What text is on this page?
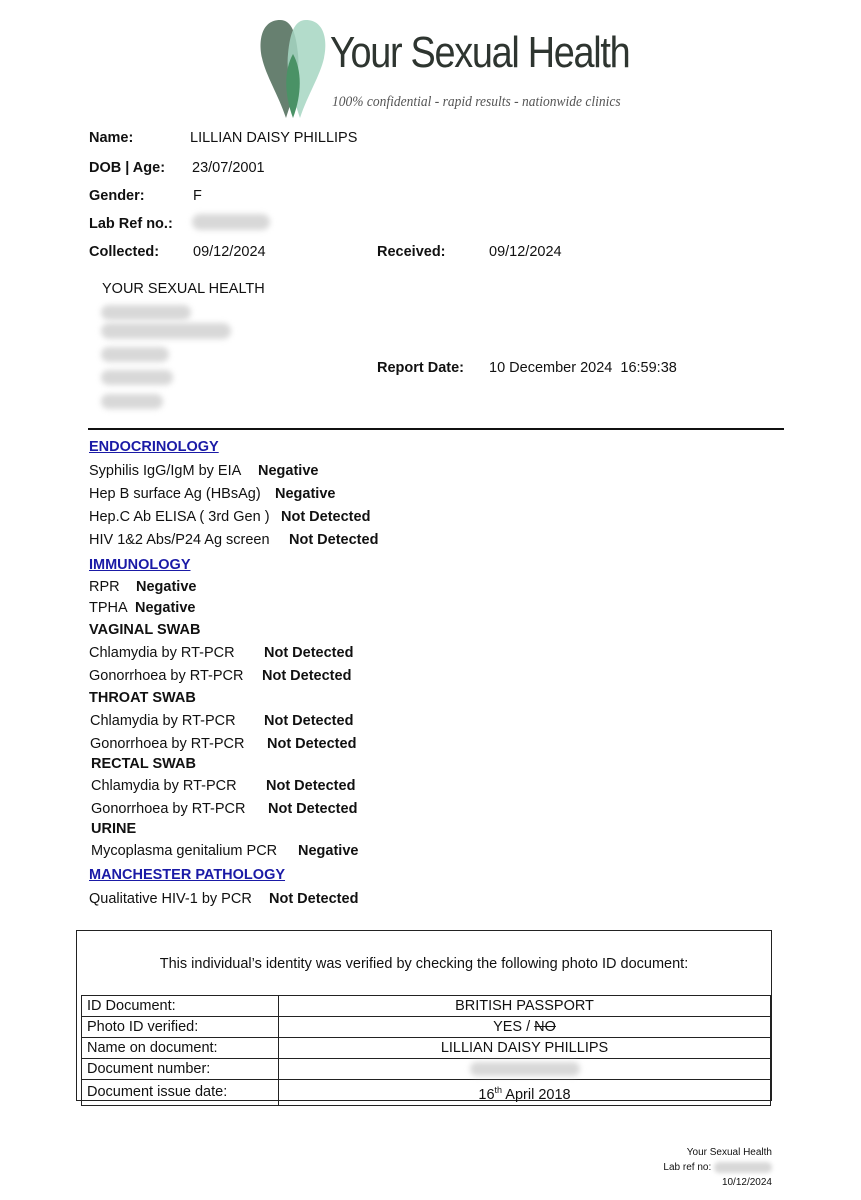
Your Sexual Health
100% confidential - rapid results - nationwide clinics
Name:	LILLIAN DAISY PHILLIPS
DOB | Age: 23/07/2001
Gender:	F
Lab Ref no.:
Collected: 09/12/2024	Received:	09/12/2024
YOUR SEXUAL HEALTH
Report Date: 10 December 2024  16:59:38
ENDOCRINOLOGY
Syphilis IgG/IgM by EIA Negative
Hep B surface Ag (HBsAg) Negative
Hep.C Ab ELISA ( 3rd Gen ) Not Detected
HIV 1&2 Abs/P24 Ag screen Not Detected
IMMUNOLOGY
RPR Negative
TPHA Negative
VAGINAL SWAB
Chlamydia by RT-PCR Not Detected
Gonorrhoea by RT-PCR Not Detected
THROAT SWAB
Chlamydia by RT-PCR Not Detected
Gonorrhoea by RT-PCR Not Detected
RECTAL SWAB
Chlamydia by RT-PCR Not Detected
Gonorrhoea by RT-PCR Not Detected
URINE
Mycoplasma genitalium PCR Negative
MANCHESTER PATHOLOGY
Qualitative HIV-1 by PCR Not Detected
This individual’s identity was verified by checking the following photo ID document:
ID Document:	BRITISH PASSPORT
Photo ID verified:	YES / NO
Name on document:	LILLIAN DAISY PHILLIPS
Document number:	
Document issue date:	16th April 2018
Your Sexual Health
Lab ref no:
10/12/2024
